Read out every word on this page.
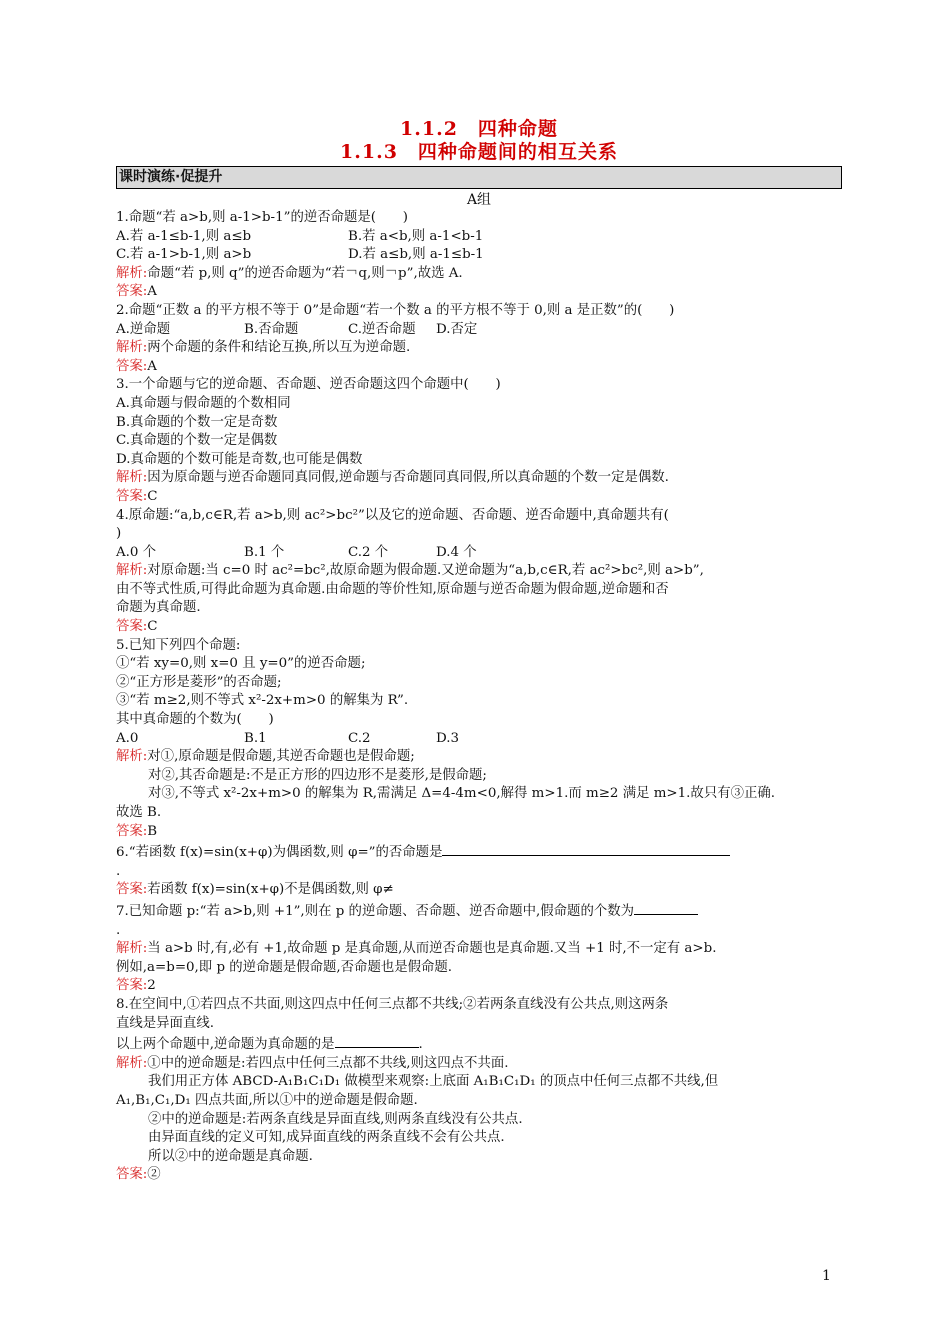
1.1.2　四种命题
1.1.3　四种命题间的相互关系
课时演练·促提升
A组
1.命题“若 a>b,则 a-1>b-1”的逆否命题是(　　)
A.若 a-1≤b-1,则 a≤b	B.若 a<b,则 a-1<b-1
C.若 a-1>b-1,则 a>b	D.若 a≤b,则 a-1≤b-1
解析:命题“若 p,则 q”的逆否命题为“若￢q,则￢p”,故选 A.
答案:A
2.命题“正数 a 的平方根不等于 0”是命题“若一个数 a 的平方根不等于 0,则 a 是正数”的(　　)
A.逆命题	B.否命题	C.逆否命题	D.否定
解析:两个命题的条件和结论互换,所以互为逆命题.
答案:A
3.一个命题与它的逆命题、否命题、逆否命题这四个命题中(　　)
A.真命题与假命题的个数相同
B.真命题的个数一定是奇数
C.真命题的个数一定是偶数
D.真命题的个数可能是奇数,也可能是偶数
解析:因为原命题与逆否命题同真同假,逆命题与否命题同真同假,所以真命题的个数一定是偶数.
答案:C
4.原命题:“a,b,c∈R,若 a>b,则 ac²>bc²”以及它的逆命题、否命题、逆否命题中,真命题共有(
)
A.0 个	B.1 个	C.2 个	D.4 个
解析:对原命题:当 c=0 时 ac²=bc²,故原命题为假命题.又逆命题为“a,b,c∈R,若 ac²>bc²,则 a>b”,
由不等式性质,可得此命题为真命题.由命题的等价性知,原命题与逆否命题为假命题,逆命题和否
命题为真命题.
答案:C
5.已知下列四个命题:
①“若 xy=0,则 x=0 且 y=0”的逆否命题;
②“正方形是菱形”的否命题;
③“若 m≥2,则不等式 x²-2x+m>0 的解集为 R”.
其中真命题的个数为(　　)
A.0	B.1	C.2	D.3
解析:对①,原命题是假命题,其逆否命题也是假命题;
对②,其否命题是:不是正方形的四边形不是菱形,是假命题;
对③,不等式 x²-2x+m>0 的解集为 R,需满足 Δ=4-4m<0,解得 m>1.而 m≥2 满足 m>1.故只有③正确.
故选 B.
答案:B
6.“若函数 f(x)=sin(x+φ)为偶函数,则 φ=”的否命题是
.
答案:若函数 f(x)=sin(x+φ)不是偶函数,则 φ≠
7.已知命题 p:“若 a>b,则 +1”,则在 p 的逆命题、否命题、逆否命题中,假命题的个数为
.
解析:当 a>b 时,有,必有 +1,故命题 p 是真命题,从而逆否命题也是真命题.又当 +1 时,不一定有 a>b.
例如,a=b=0,即 p 的逆命题是假命题,否命题也是假命题.
答案:2
8.在空间中,①若四点不共面,则这四点中任何三点都不共线;②若两条直线没有公共点,则这两条
直线是异面直线.
以上两个命题中,逆命题为真命题的是	.
解析:①中的逆命题是:若四点中任何三点都不共线,则这四点不共面.
我们用正方体 ABCD-A₁B₁C₁D₁ 做模型来观察:上底面 A₁B₁C₁D₁ 的顶点中任何三点都不共线,但
A₁,B₁,C₁,D₁ 四点共面,所以①中的逆命题是假命题.
②中的逆命题是:若两条直线是异面直线,则两条直线没有公共点.
由异面直线的定义可知,成异面直线的两条直线不会有公共点.
所以②中的逆命题是真命题.
答案:②
1
